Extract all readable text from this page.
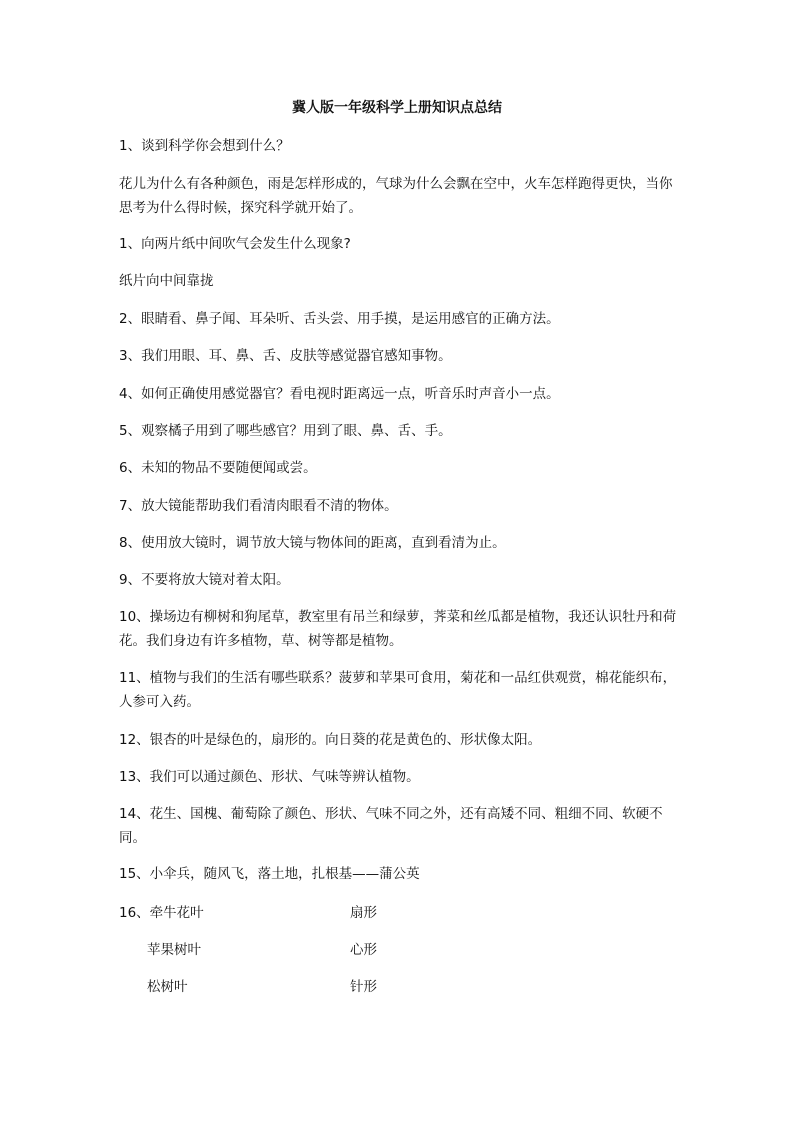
冀人版一年级科学上册知识点总结

1、谈到科学你会想到什么？

花儿为什么有各种颜色，雨是怎样形成的，气球为什么会飘在空中，火车怎样跑得更快，当你思考为什么得时候，探究科学就开始了。

1、向两片纸中间吹气会发生什么现象?

纸片向中间靠拢

2、眼睛看、鼻子闻、耳朵听、舌头尝、用手摸，是运用感官的正确方法。

3、我们用眼、耳、鼻、舌、皮肤等感觉器官感知事物。

4、如何正确使用感觉器官？看电视时距离远一点，听音乐时声音小一点。

5、观察橘子用到了哪些感官？用到了眼、鼻、舌、手。

6、未知的物品不要随便闻或尝。

7、放大镜能帮助我们看清肉眼看不清的物体。

8、使用放大镜时，调节放大镜与物体间的距离，直到看清为止。

9、不要将放大镜对着太阳。

10、操场边有柳树和狗尾草，教室里有吊兰和绿萝，荠菜和丝瓜都是植物，我还认识牡丹和荷花。我们身边有许多植物，草、树等都是植物。

11、植物与我们的生活有哪些联系？菠萝和苹果可食用，菊花和一品红供观赏，棉花能织布，人参可入药。

12、银杏的叶是绿色的，扇形的。向日葵的花是黄色的、形状像太阳。

13、我们可以通过颜色、形状、气味等辨认植物。

14、花生、国槐、葡萄除了颜色、形状、气味不同之外，还有高矮不同、粗细不同、软硬不同。

15、小伞兵，随风飞，落土地，扎根基——蒲公英

16、牵牛花叶	扇形
苹果树叶	心形
松树叶	针形
